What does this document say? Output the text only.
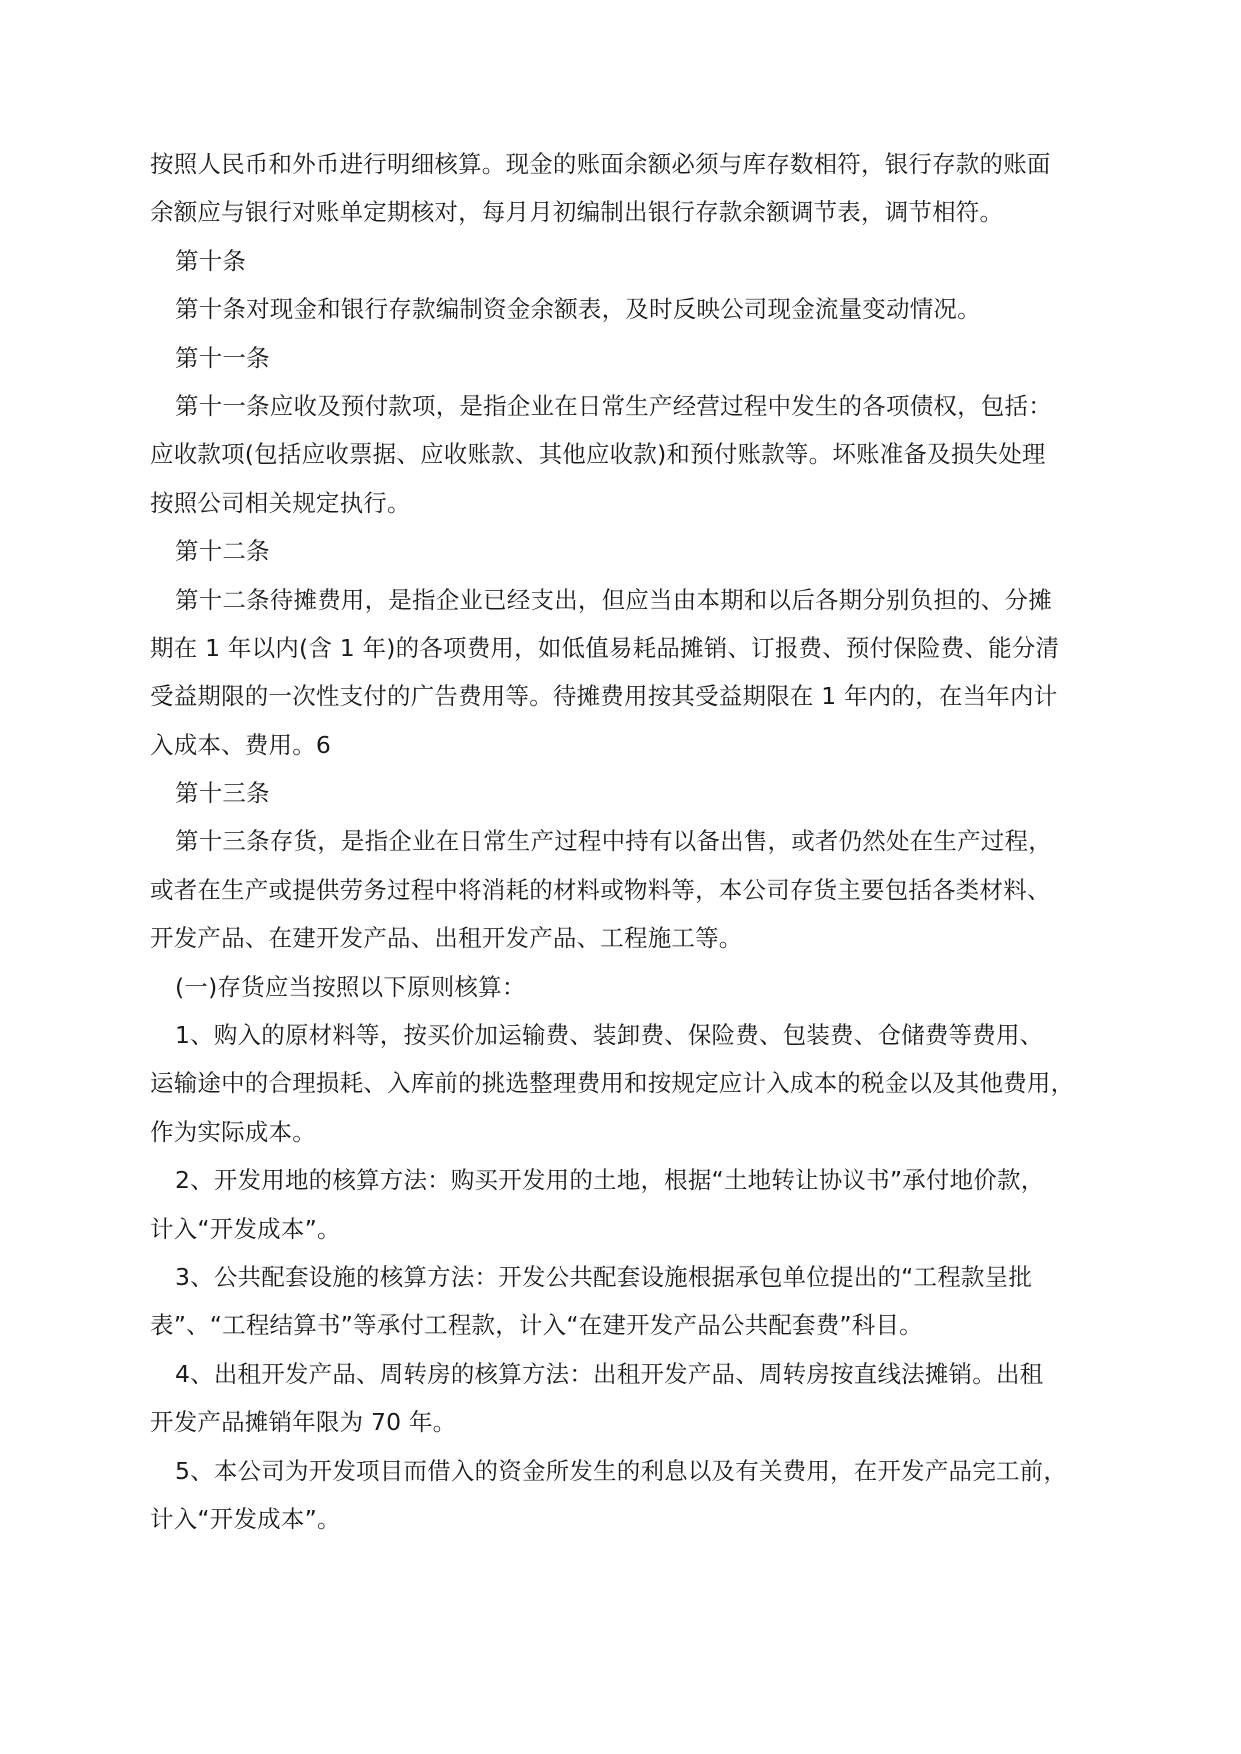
按照人民币和外币进行明细核算。现金的账面余额必须与库存数相符，银行存款的账面
余额应与银行对账单定期核对，每月月初编制出银行存款余额调节表，调节相符。
第十条
第十条对现金和银行存款编制资金余额表，及时反映公司现金流量变动情况。
第十一条
第十一条应收及预付款项，是指企业在日常生产经营过程中发生的各项债权，包括：
应收款项(包括应收票据、应收账款、其他应收款)和预付账款等。坏账准备及损失处理
按照公司相关规定执行。
第十二条
第十二条待摊费用，是指企业已经支出，但应当由本期和以后各期分别负担的、分摊
期在 1 年以内(含 1 年)的各项费用，如低值易耗品摊销、订报费、预付保险费、能分清
受益期限的一次性支付的广告费用等。待摊费用按其受益期限在 1 年内的，在当年内计
入成本、费用。6
第十三条
第十三条存货，是指企业在日常生产过程中持有以备出售，或者仍然处在生产过程，
或者在生产或提供劳务过程中将消耗的材料或物料等，本公司存货主要包括各类材料、
开发产品、在建开发产品、出租开发产品、工程施工等。
(一)存货应当按照以下原则核算：
1、购入的原材料等，按买价加运输费、装卸费、保险费、包装费、仓储费等费用、
运输途中的合理损耗、入库前的挑选整理费用和按规定应计入成本的税金以及其他费用，
作为实际成本。
2、开发用地的核算方法：购买开发用的土地，根据“土地转让协议书”承付地价款，
计入“开发成本”。
3、公共配套设施的核算方法：开发公共配套设施根据承包单位提出的“工程款呈批
表”、“工程结算书”等承付工程款，计入“在建开发产品公共配套费”科目。
4、出租开发产品、周转房的核算方法：出租开发产品、周转房按直线法摊销。出租
开发产品摊销年限为 70 年。
5、本公司为开发项目而借入的资金所发生的利息以及有关费用，在开发产品完工前，
计入“开发成本”。
